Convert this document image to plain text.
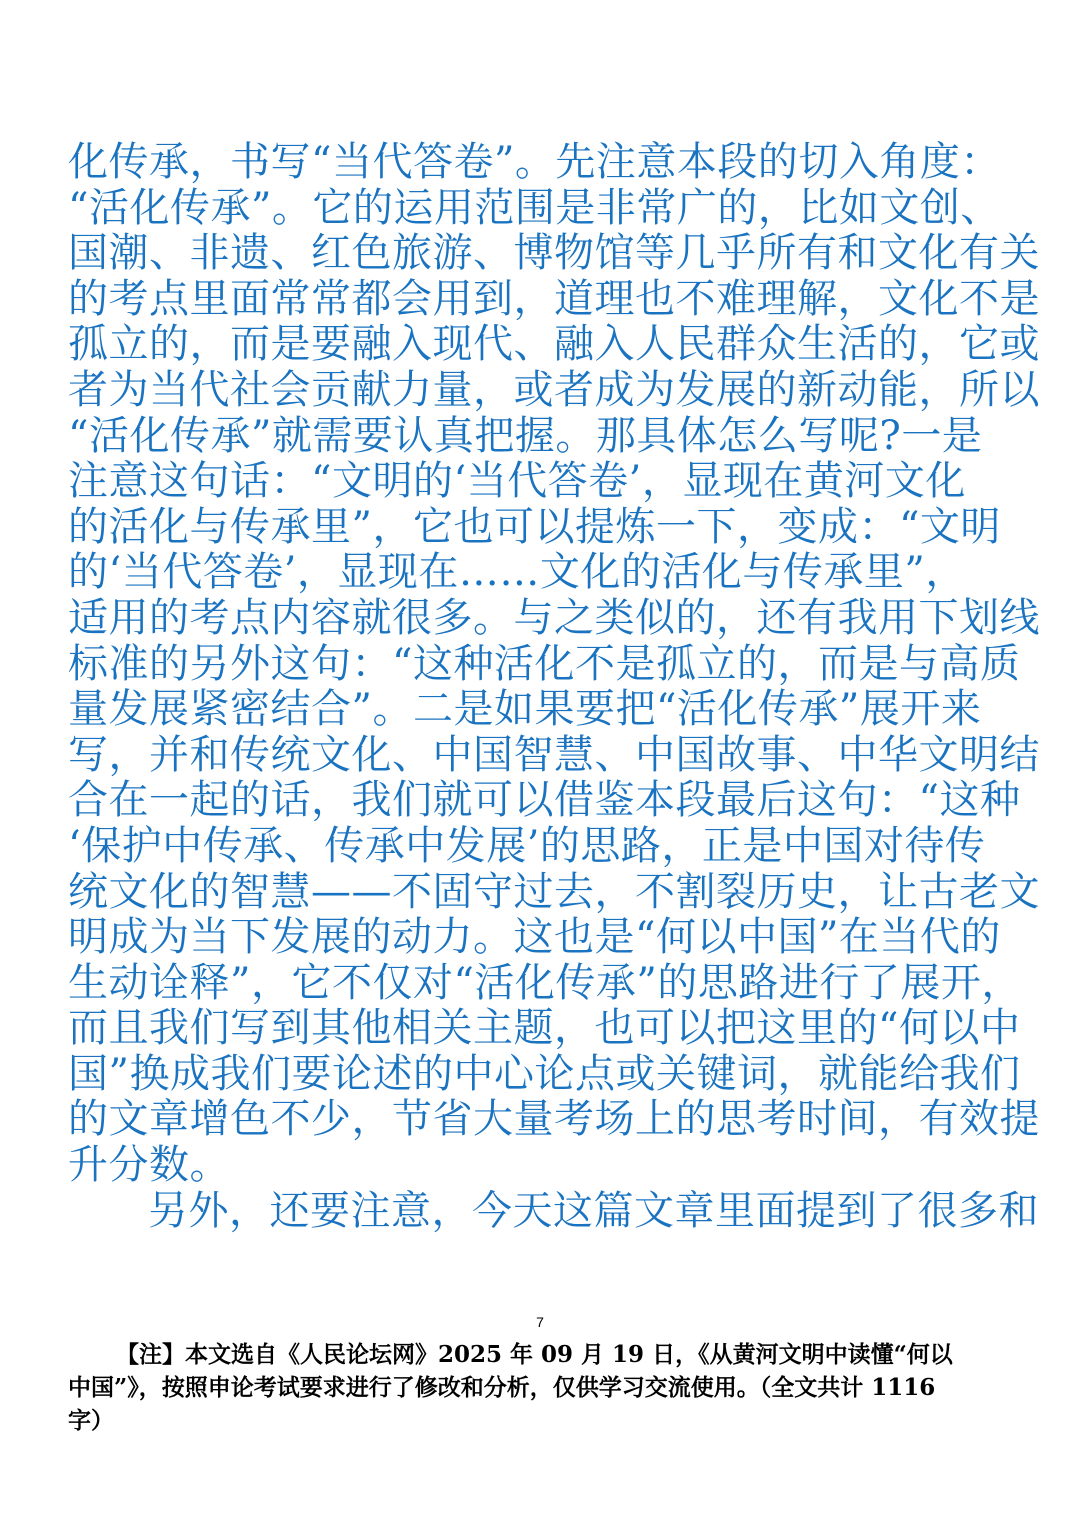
化传承，书写“当代答卷”。先注意本段的切入角度：
“活化传承”。它的运用范围是非常广的，比如文创、
国潮、非遗、红色旅游、博物馆等几乎所有和文化有关
的考点里面常常都会用到，道理也不难理解，文化不是
孤立的，而是要融入现代、融入人民群众生活的，它或
者为当代社会贡献力量，或者成为发展的新动能，所以
“活化传承”就需要认真把握。那具体怎么写呢?一是
注意这句话：“文明的‘当代答卷’，显现在黄河文化
的活化与传承里”，它也可以提炼一下，变成：“文明
的‘当代答卷’，显现在……文化的活化与传承里”，
适用的考点内容就很多。与之类似的，还有我用下划线
标准的另外这句：“这种活化不是孤立的，而是与高质
量发展紧密结合”。二是如果要把“活化传承”展开来
写，并和传统文化、中国智慧、中国故事、中华文明结
合在一起的话，我们就可以借鉴本段最后这句：“这种
‘保护中传承、传承中发展’的思路，正是中国对待传
统文化的智慧——不固守过去，不割裂历史，让古老文
明成为当下发展的动力。这也是“何以中国”在当代的
生动诠释”，它不仅对“活化传承”的思路进行了展开，
而且我们写到其他相关主题，也可以把这里的“何以中
国”换成我们要论述的中心论点或关键词，就能给我们
的文章增色不少，节省大量考场上的思考时间，有效提
升分数。
另外，还要注意，今天这篇文章里面提到了很多和
7
【注】本文选自《人民论坛网》2025 年 09 月 19 日，《从黄河文明中读懂“何以
中国”》，按照申论考试要求进行了修改和分析，仅供学习交流使用。（全文共计 1116
字）
